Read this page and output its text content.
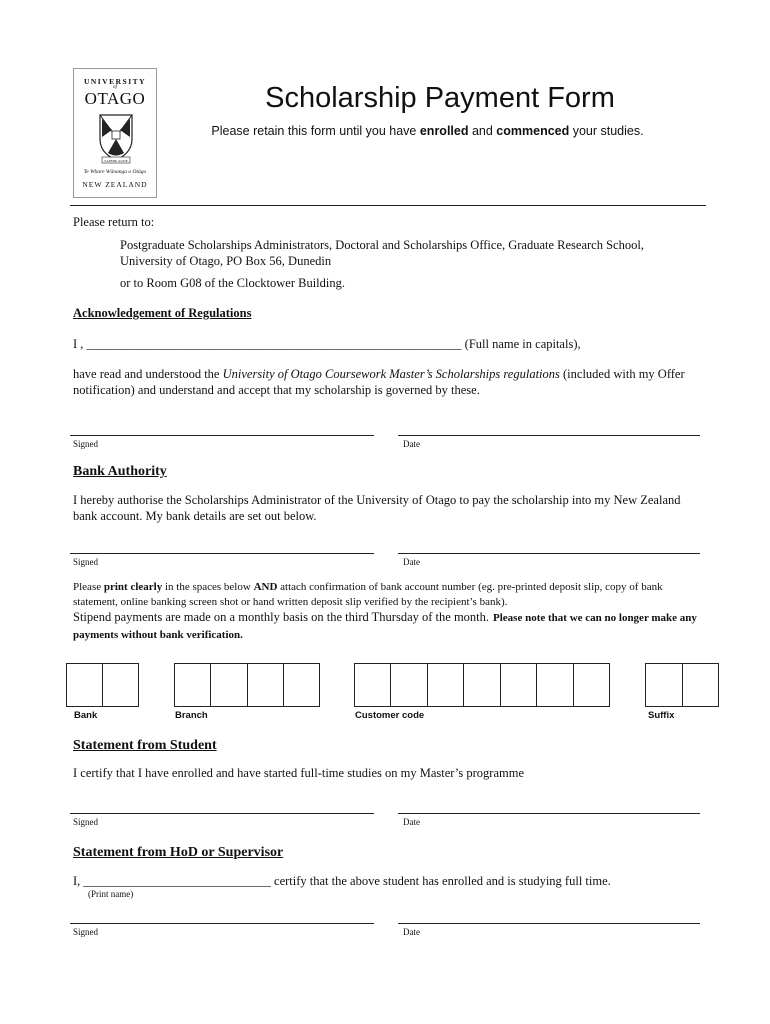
UNIVERSITY
of
OTAGO
SAPERE AUDE
Te Whare Wānanga o Otāgo
NEW ZEALAND
Scholarship Payment Form
Please retain this form until you have enrolled and commenced your studies.
Please return to:
Postgraduate Scholarships Administrators, Doctoral and Scholarships Office, Graduate Research School, University of Otago, PO Box 56, Dunedin
or to Room G08 of the Clocktower Building.
Acknowledgement of Regulations
I , ____________________________________________________________ (Full name in capitals),
have read and understood the University of Otago Coursework Master’s Scholarships regulations (included with my Offer notification) and understand and accept that my scholarship is governed by these.
Signed	Date
Bank Authority
I hereby authorise the Scholarships Administrator of the University of Otago to pay the scholarship into my New Zealand bank account. My bank details are set out below.
Signed	Date
Please print clearly in the spaces below AND attach confirmation of bank account number (eg. pre-printed deposit slip, copy of bank statement, online banking screen shot or hand written deposit slip verified by the recipient’s bank).
Stipend payments are made on a monthly basis on the third Thursday of the month. Please note that we can no longer make any payments without bank verification.
Bank	Branch	Customer code	Suffix
Statement from Student
I certify that I have enrolled and have started full-time studies on my Master’s programme
Signed	Date
Statement from HoD or Supervisor
I, ______________________________ certify that the above student has enrolled and is studying full time.
(Print name)
Signed	Date
